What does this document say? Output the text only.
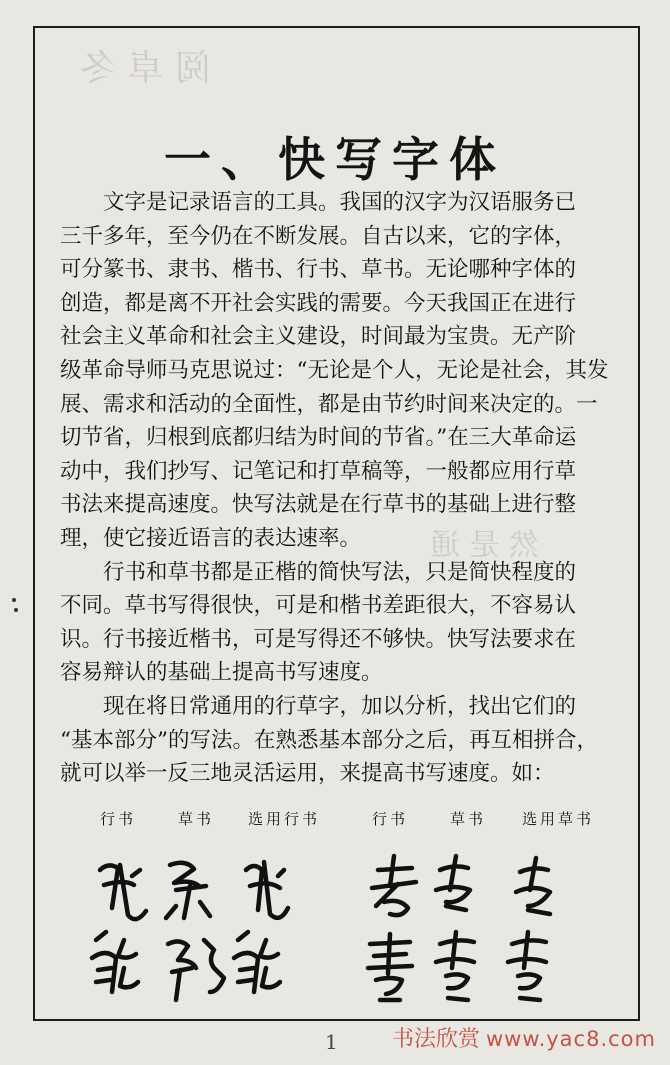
阅 卓 冬
然 是 通
一、快写字体

　　文字是记录语言的工具。我国的汉字为汉语服务已
三千多年，至今仍在不断发展。自古以来，它的字体，
可分篆书、隶书、楷书、行书、草书。无论哪种字体的
创造，都是离不开社会实践的需要。今天我国正在进行
社会主义革命和社会主义建设，时间最为宝贵。无产阶
级革命导师马克思说过：“无论是个人，无论是社会，其发
展、需求和活动的全面性，都是由节约时间来决定的。一
切节省，归根到底都归结为时间的节省。”在三大革命运
动中，我们抄写、记笔记和打草稿等，一般都应用行草
书法来提高速度。快写法就是在行草书的基础上进行整
理，使它接近语言的表达速率。

　　行书和草书都是正楷的简快写法，只是简快程度的
不同。草书写得很快，可是和楷书差距很大，不容易认
识。行书接近楷书，可是写得还不够快。快写法要求在
容易辩认的基础上提高书写速度。

　　现在将日常通用的行草字，加以分析，找出它们的
“基本部分”的写法。在熟悉基本部分之后，再互相拼合，
就可以举一反三地灵活运用，来提高书写速度。如：

行书	草书 选用行书	行书	草书 选用草书
1 书法欣赏 www.yac8.com
